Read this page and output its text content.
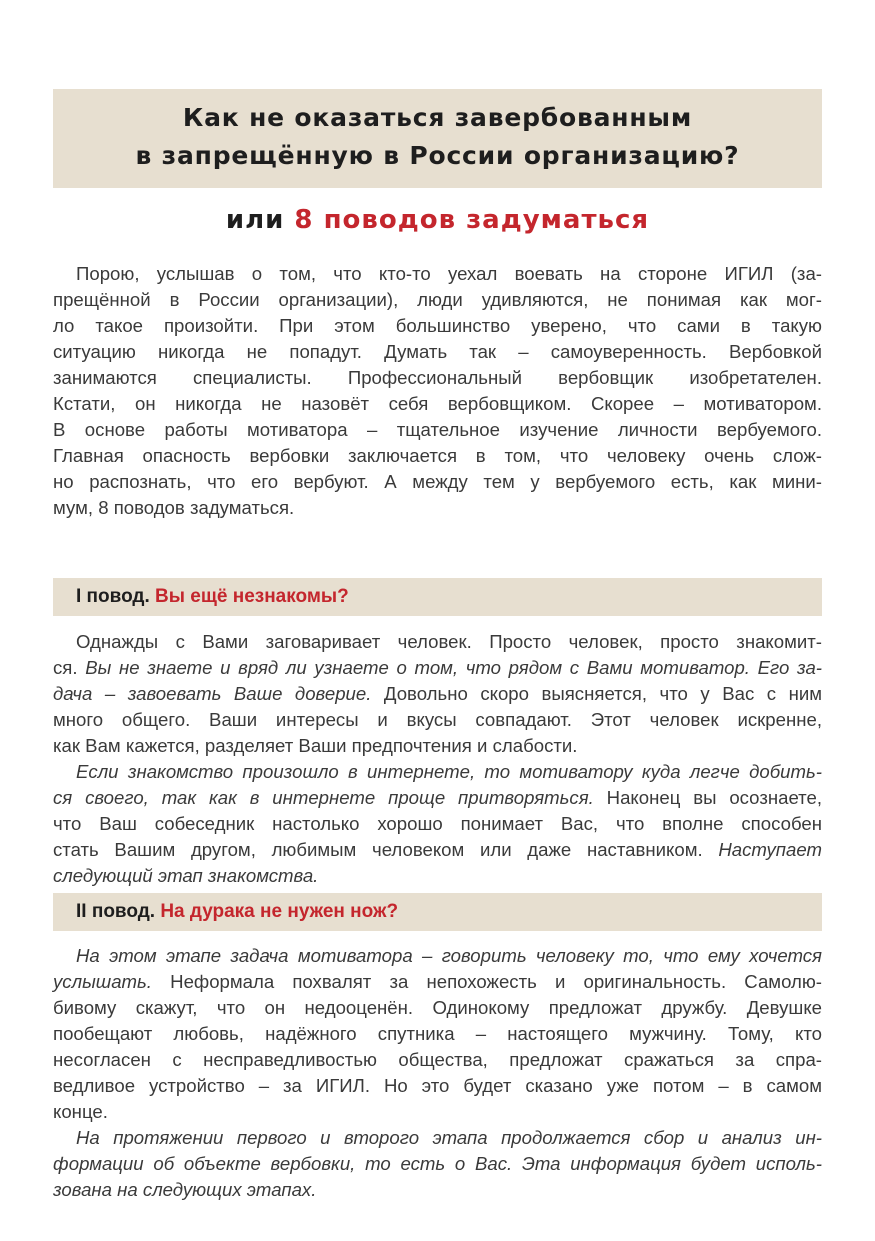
Как не оказаться завербованным
в запрещённую в России организацию?
или 8 поводов задуматься
Порою, услышав о том, что кто-то уехал воевать на стороне ИГИЛ (за-
прещённой в России организации), люди удивляются, не понимая как мог-
ло такое произойти. При этом большинство уверено, что сами в такую
ситуацию никогда не попадут. Думать так – самоуверенность. Вербовкой
занимаются специалисты. Профессиональный вербовщик изобретателен.
Кстати, он никогда не назовёт себя вербовщиком. Скорее – мотиватором.
В основе работы мотиватора – тщательное изучение личности вербуемого.
Главная опасность вербовки заключается в том, что человеку очень слож-
но распознать, что его вербуют. А между тем у вербуемого есть, как мини-
мум, 8 поводов задуматься.
I повод. Вы ещё незнакомы?
Однажды с Вами заговаривает человек. Просто человек, просто знакомит-
ся. Вы не знаете и вряд ли узнаете о том, что рядом с Вами мотиватор. Его за-
дача – завоевать Ваше доверие. Довольно скоро выясняется, что у Вас с ним
много общего. Ваши интересы и вкусы совпадают. Этот человек искренне,
как Вам кажется, разделяет Ваши предпочтения и слабости.
Если знакомство произошло в интернете, то мотиватору куда легче добить-
ся своего, так как в интернете проще притворяться. Наконец вы осознаете,
что Ваш собеседник настолько хорошо понимает Вас, что вполне способен
стать Вашим другом, любимым человеком или даже наставником. Наступает
следующий этап знакомства.
II повод. На дурака не нужен нож?
На этом этапе задача мотиватора – говорить человеку то, что ему хочется
услышать. Неформала похвалят за непохожесть и оригинальность. Самолю-
бивому скажут, что он недооценён. Одинокому предложат дружбу. Девушке
пообещают любовь, надёжного спутника – настоящего мужчину. Тому, кто
несогласен с несправедливостью общества, предложат сражаться за спра-
ведливое устройство – за ИГИЛ. Но это будет сказано уже потом – в самом
конце.
На протяжении первого и второго этапа продолжается сбор и анализ ин-
формации об объекте вербовки, то есть о Вас. Эта информация будет исполь-
зована на следующих этапах.
